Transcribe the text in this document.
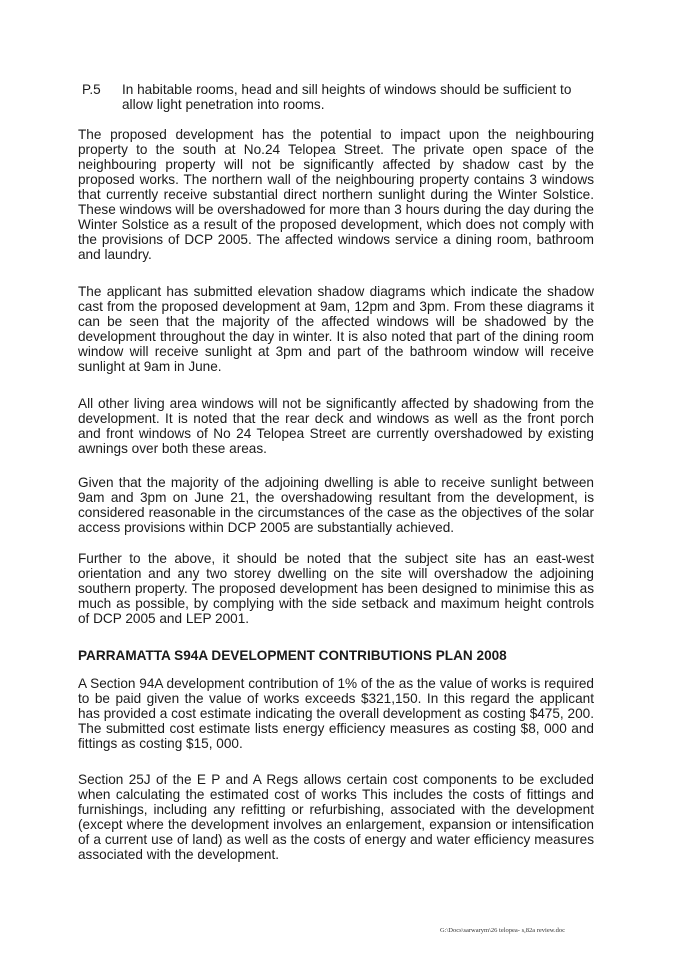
P.5	In habitable rooms, head and sill heights of windows should be sufficient to allow light penetration into rooms.

The proposed development has the potential to impact upon the neighbouring property to the south at No.24 Telopea Street. The private open space of the neighbouring property will not be significantly affected by shadow cast by the proposed works. The northern wall of the neighbouring property contains 3 windows that currently receive substantial direct northern sunlight during the Winter Solstice. These windows will be overshadowed for more than 3 hours during the day during the Winter Solstice as a result of the proposed development, which does not comply with the provisions of DCP 2005. The affected windows service a dining room, bathroom and laundry.

The applicant has submitted elevation shadow diagrams which indicate the shadow cast from the proposed development at 9am, 12pm and 3pm. From these diagrams it can be seen that the majority of the affected windows will be shadowed by the development throughout the day in winter. It is also noted that part of the dining room window will receive sunlight at 3pm and part of the bathroom window will receive sunlight at 9am in June.

All other living area windows will not be significantly affected by shadowing from the development. It is noted that the rear deck and windows as well as the front porch and front windows of No 24 Telopea Street are currently overshadowed by existing awnings over both these areas.

Given that the majority of the adjoining dwelling is able to receive sunlight between 9am and 3pm on June 21, the overshadowing resultant from the development, is considered reasonable in the circumstances of the case as the objectives of the solar access provisions within DCP 2005 are substantially achieved.

Further to the above, it should be noted that the subject site has an east-west orientation and any two storey dwelling on the site will overshadow the adjoining southern property. The proposed development has been designed to minimise this as much as possible, by complying with the side setback and maximum height controls of DCP 2005 and LEP 2001.

PARRAMATTA S94A DEVELOPMENT CONTRIBUTIONS PLAN 2008

A Section 94A development contribution of 1% of the as the value of works is required to be paid given the value of works exceeds $321,150. In this regard the applicant has provided a cost estimate indicating the overall development as costing $475, 200. The submitted cost estimate lists energy efficiency measures as costing $8, 000 and fittings as costing $15, 000.

Section 25J of the E P and A Regs allows certain cost components to be excluded when calculating the estimated cost of works This includes the costs of fittings and furnishings, including any refitting or refurbishing, associated with the development (except where the development involves an enlargement, expansion or intensification of a current use of land) as well as the costs of energy and water efficiency measures associated with the development.

G:\Docs\sarwarym\26 telopea- s,82a review.doc
